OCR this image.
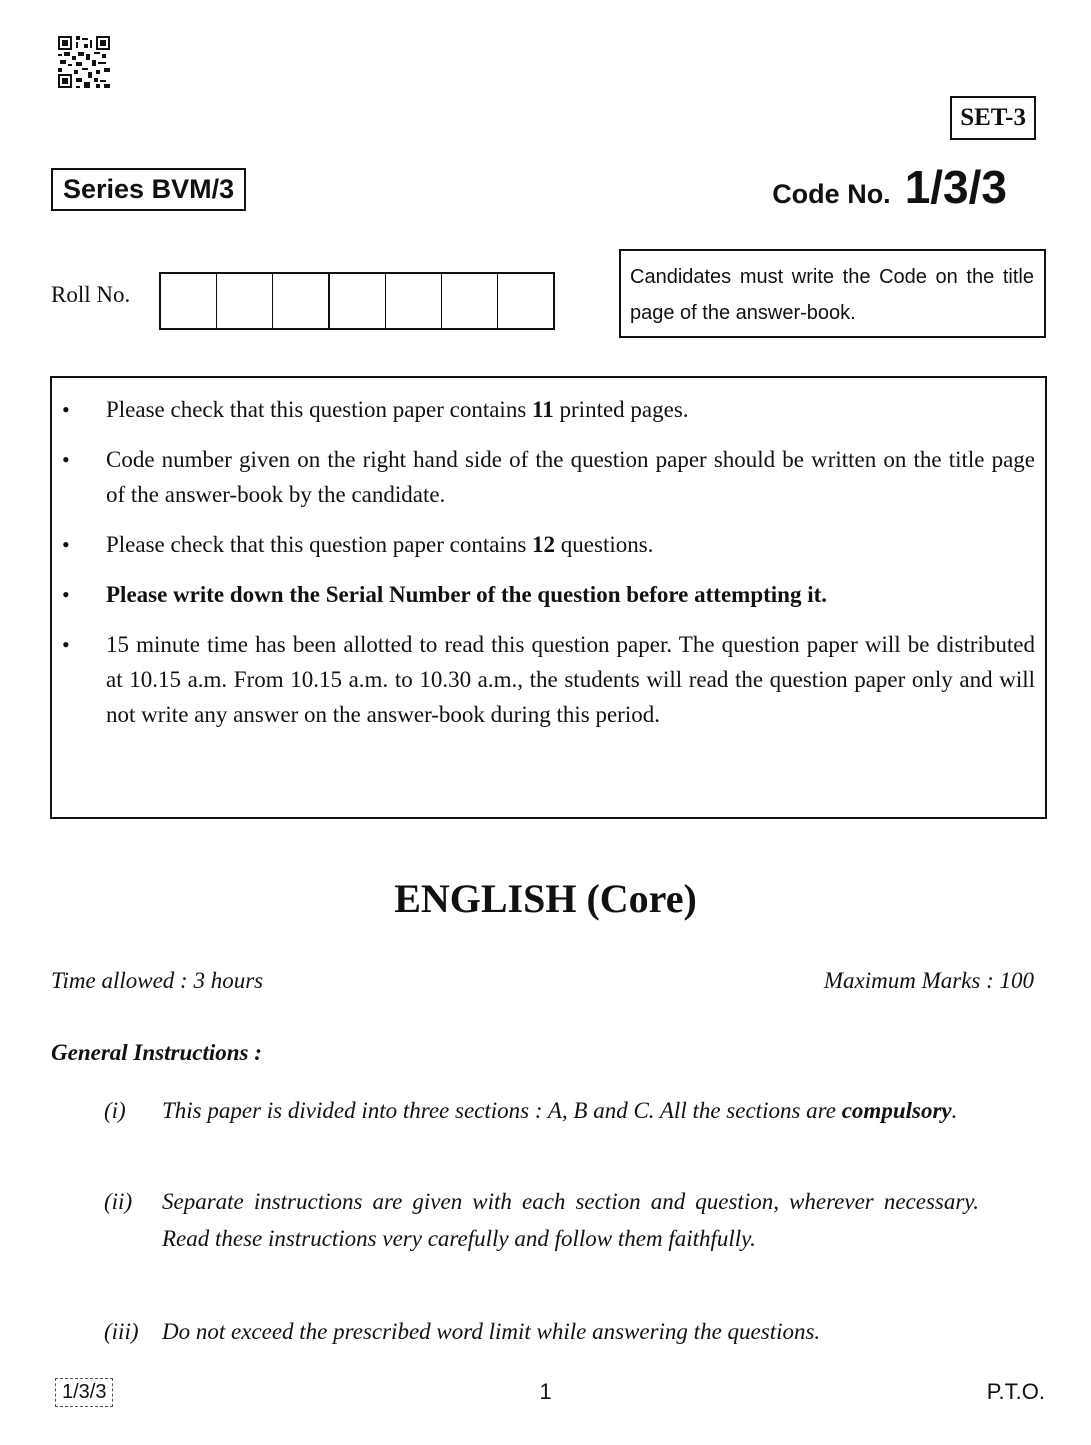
SET-3
Series BVM/3	Code No. 1/3/3
Roll No.
Candidates must write the Code on the title page of the answer-book.
• Please check that this question paper contains 11 printed pages.
• Code number given on the right hand side of the question paper should be written on the title page of the answer-book by the candidate.
• Please check that this question paper contains 12 questions.
• Please write down the Serial Number of the question before attempting it.
• 15 minute time has been allotted to read this question paper. The question paper will be distributed at 10.15 a.m. From 10.15 a.m. to 10.30 a.m., the students will read the question paper only and will not write any answer on the answer-book during this period.
ENGLISH (Core)
Time allowed : 3 hours	Maximum Marks : 100
General Instructions :
(i)	This paper is divided into three sections : A, B and C. All the sections are compulsory.
(ii)	Separate instructions are given with each section and question, wherever necessary. Read these instructions very carefully and follow them faithfully.
(iii)	Do not exceed the prescribed word limit while answering the questions.
1/3/3	1	P.T.O.
